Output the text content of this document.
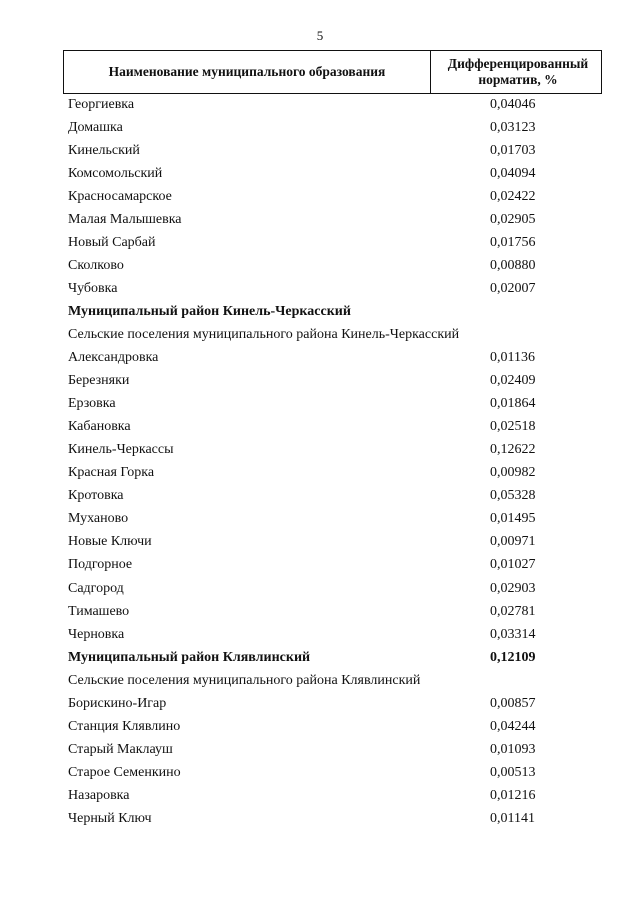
5
Наименование муниципального образования
Дифференцированный
норматив, %
Георгиевка	0,04046
Домашка	0,03123
Кинельский	0,01703
Комсомольский	0,04094
Красносамарское	0,02422
Малая Малышевка	0,02905
Новый Сарбай	0,01756
Сколково	0,00880
Чубовка	0,02007
Муниципальный район Кинель-Черкасский
Сельские поселения муниципального района Кинель-Черкасский
Александровка	0,01136
Березняки	0,02409
Ерзовка	0,01864
Кабановка	0,02518
Кинель-Черкассы	0,12622
Красная Горка	0,00982
Кротовка	0,05328
Муханово	0,01495
Новые Ключи	0,00971
Подгорное	0,01027
Садгород	0,02903
Тимашево	0,02781
Черновка	0,03314
Муниципальный район Клявлинский	0,12109
Сельские поселения муниципального района Клявлинский
Борискино-Игар	0,00857
Станция Клявлино	0,04244
Старый Маклауш	0,01093
Старое Семенкино	0,00513
Назаровка	0,01216
Черный Ключ	0,01141
